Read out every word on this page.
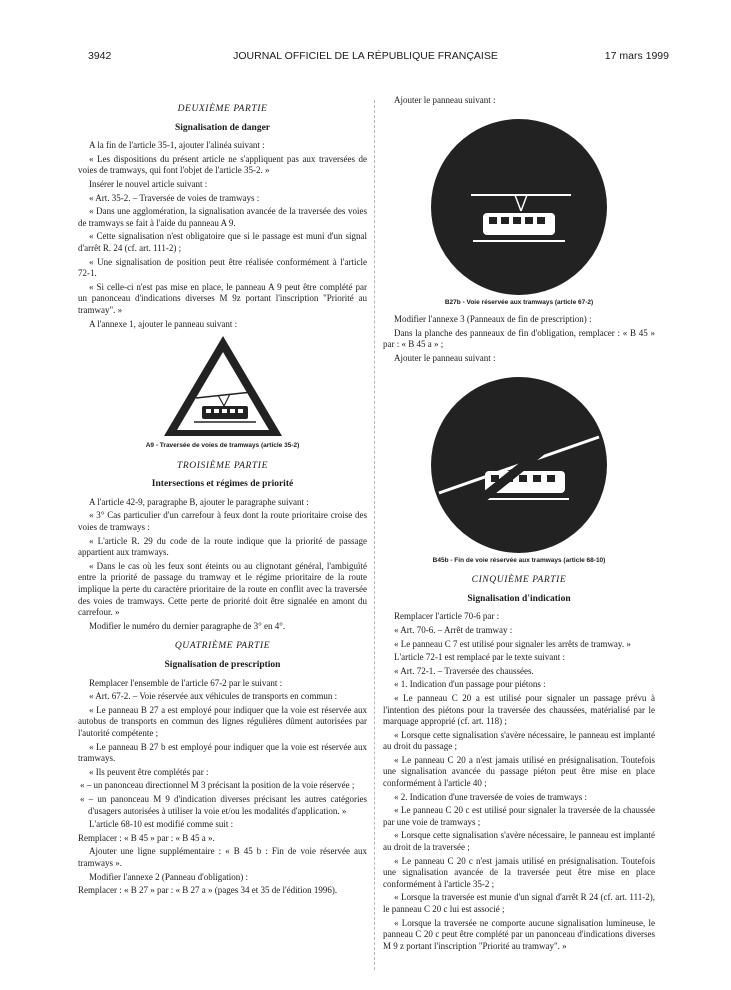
3942	JOURNAL OFFICIEL DE LA RÉPUBLIQUE FRANÇAISE	17 mars 1999
DEUXIÈME PARTIE
Signalisation de danger

A la fin de l'article 35-1, ajouter l'alinéa suivant :

« Les dispositions du présent article ne s'appliquent pas aux traversées de voies de tramways, qui font l'objet de l'article 35-2. »

Insérer le nouvel article suivant :

« Art. 35-2. – Traversée de voies de tramways :

« Dans une agglomération, la signalisation avancée de la traversée des voies de tramways se fait à l'aide du panneau A 9.

« Cette signalisation n'est obligatoire que si le passage est muni d'un signal d'arrêt R. 24 (cf. art. 111-2) ;

« Une signalisation de position peut être réalisée conformément à l'article 72-1.

« Si celle-ci n'est pas mise en place, le panneau A 9 peut être complété par un panonceau d'indications diverses M 9z portant l'inscription "Priorité au tramway". »

A l'annexe 1, ajouter le panneau suivant :

A9 - Traversée de voies de tramways (article 35-2)
TROISIÈME PARTIE
Intersections et régimes de priorité

A l'article 42-9, paragraphe B, ajouter le paragraphe suivant :

« 3° Cas particulier d'un carrefour à feux dont la route prioritaire croise des voies de tramways :

« L'article R. 29 du code de la route indique que la priorité de passage appartient aux tramways.

« Dans le cas où les feux sont éteints ou au clignotant général, l'ambiguïté entre la priorité de passage du tramway et le régime prioritaire de la route implique la perte du caractère prioritaire de la route en conflit avec la traversée des voies de tramways. Cette perte de priorité doit être signalée en amont du carrefour. »

Modifier le numéro du dernier paragraphe de 3° en 4°.

QUATRIÈME PARTIE
Signalisation de prescription

Remplacer l'ensemble de l'article 67-2 par le suivant :

« Art. 67-2. – Voie réservée aux véhicules de transports en commun :

« Le panneau B 27 a est employé pour indiquer que la voie est réservée aux autobus de transports en commun des lignes régulières dûment autorisées par l'autorité compétente ;

« Le panneau B 27 b est employé pour indiquer que la voie est réservée aux tramways.

« Ils peuvent être complétés par :

« – un panonceau directionnel M 3 précisant la position de la voie réservée ;

« – un panonceau M 9 d'indication diverses précisant les autres catégories d'usagers autorisées à utiliser la voie et/ou les modalités d'application. »

L'article 68-10 est modifié comme suit :

Remplacer : « B 45 » par : « B 45 a ».

Ajouter une ligne supplémentaire : « B 45 b : Fin de voie réservée aux tramways ».

Modifier l'annexe 2 (Panneau d'obligation) :

Remplacer : « B 27 » par : « B 27 a » (pages 34 et 35 de l'édition 1996).

Ajouter le panneau suivant :

B27b - Voie réservée aux tramways (article 67-2)

Modifier l'annexe 3 (Panneaux de fin de prescription) :

Dans la planche des panneaux de fin d'obligation, remplacer : « B 45 » par : « B 45 a » ;

Ajouter le panneau suivant :

B45b - Fin de voie réservée aux tramways (article 68-10)
CINQUIÈME PARTIE
Signalisation d'indication

Remplacer l'article 70-6 par :

« Art. 70-6. – Arrêt de tramway :

« Le panneau C 7 est utilisé pour signaler les arrêts de tramway. »

L'article 72-1 est remplacé par le texte suivant :

« Art. 72-1. – Traversée des chaussées.

« 1. Indication d'un passage pour piétons :

« Le panneau C 20 a est utilisé pour signaler un passage prévu à l'intention des piétons pour la traversée des chaussées, matérialisé par le marquage approprié (cf. art. 118) ;

« Lorsque cette signalisation s'avère nécessaire, le panneau est implanté au droit du passage ;

« Le panneau C 20 a n'est jamais utilisé en présignalisation. Toutefois une signalisation avancée du passage piéton peut être mise en place conformément à l'article 40 ;

« 2. Indication d'une traversée de voies de tramways :

« Le panneau C 20 c est utilisé pour signaler la traversée de la chaussée par une voie de tramways ;

« Lorsque cette signalisation s'avère nécessaire, le panneau est implanté au droit de la traversée ;

« Le panneau C 20 c n'est jamais utilisé en présignalisation. Toutefois une signalisation avancée de la traversée peut être mise en place conformément à l'article 35-2 ;

« Lorsque la traversée est munie d'un signal d'arrêt R 24 (cf. art. 111-2), le panneau C 20 c lui est associé ;

« Lorsque la traversée ne comporte aucune signalisation lumineuse, le panneau C 20 c peut être complété par un panonceau d'indications diverses M 9 z portant l'inscription "Priorité au tramway". »
